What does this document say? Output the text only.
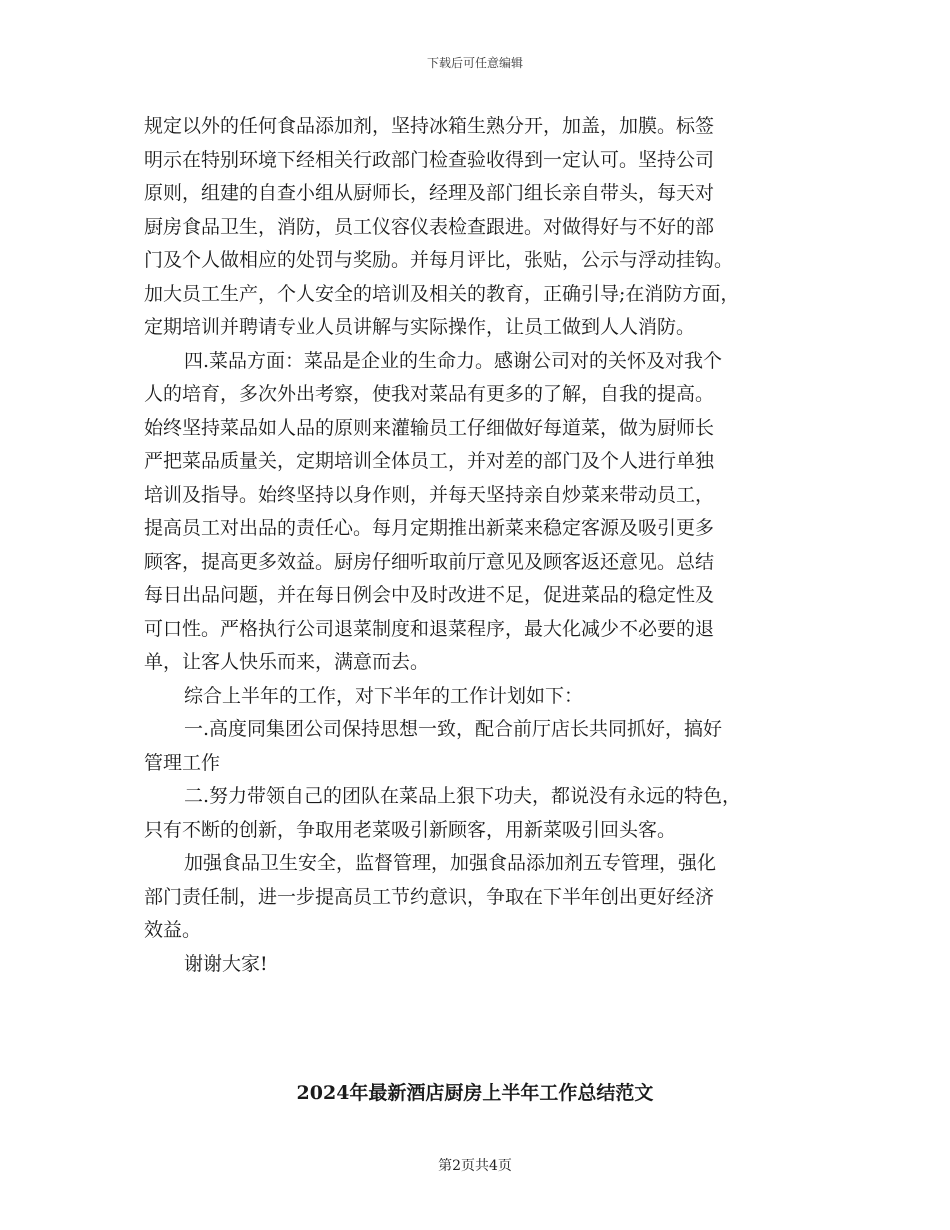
下载后可任意编辑
规定以外的任何食品添加剂，坚持冰箱生熟分开，加盖，加膜。标签
明示在特别环境下经相关行政部门检查验收得到一定认可。坚持公司
原则，组建的自查小组从厨师长，经理及部门组长亲自带头，每天对
厨房食品卫生，消防，员工仪容仪表检查跟进。对做得好与不好的部
门及个人做相应的处罚与奖励。并每月评比，张贴，公示与浮动挂钩。
加大员工生产，个人安全的培训及相关的教育，正确引导;在消防方面，
定期培训并聘请专业人员讲解与实际操作，让员工做到人人消防。
四.菜品方面：菜品是企业的生命力。感谢公司对的关怀及对我个
人的培育，多次外出考察，使我对菜品有更多的了解，自我的提高。
始终坚持菜品如人品的原则来灌输员工仔细做好每道菜，做为厨师长
严把菜品质量关，定期培训全体员工，并对差的部门及个人进行单独
培训及指导。始终坚持以身作则，并每天坚持亲自炒菜来带动员工，
提高员工对出品的责任心。每月定期推出新菜来稳定客源及吸引更多
顾客，提高更多效益。厨房仔细听取前厅意见及顾客返还意见。总结
每日出品问题，并在每日例会中及时改进不足，促进菜品的稳定性及
可口性。严格执行公司退菜制度和退菜程序，最大化减少不必要的退
单，让客人快乐而来，满意而去。
综合上半年的工作，对下半年的工作计划如下：
一.高度同集团公司保持思想一致，配合前厅店长共同抓好，搞好
管理工作
二.努力带领自己的团队在菜品上狠下功夫，都说没有永远的特色，
只有不断的创新，争取用老菜吸引新顾客，用新菜吸引回头客。
加强食品卫生安全，监督管理，加强食品添加剂五专管理，强化
部门责任制，进一步提高员工节约意识，争取在下半年创出更好经济
效益。
谢谢大家!
2024年最新酒店厨房上半年工作总结范文
第2页共4页
